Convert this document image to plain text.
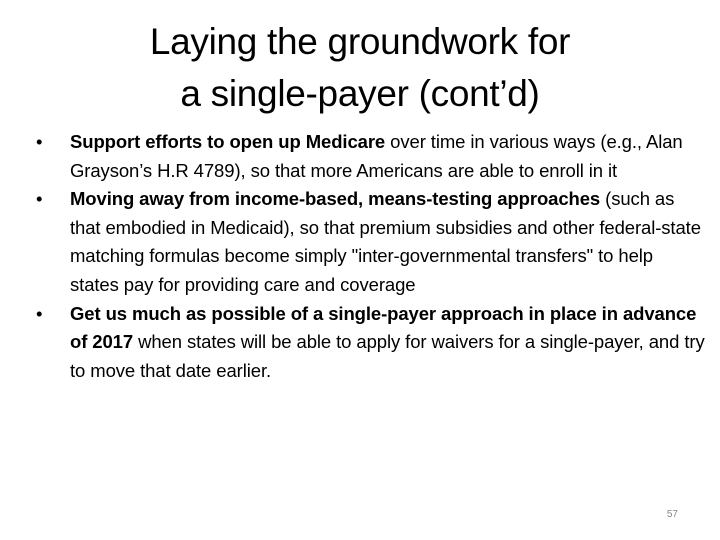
Laying the groundwork for
a single-payer (cont’d)
•	Support efforts to open up Medicare over time in various ways (e.g., Alan Grayson’s H.R 4789), so that more Americans are able to enroll in it
•	Moving away from income-based, means-testing approaches (such as that embodied in Medicaid), so that premium subsidies and other federal-state matching formulas become simply "inter-governmental transfers" to help states pay for providing care and coverage
•	Get us much as possible of a single-payer approach in place in advance of 2017 when states will be able to apply for waivers for a single-payer, and try to move that date earlier.
57
